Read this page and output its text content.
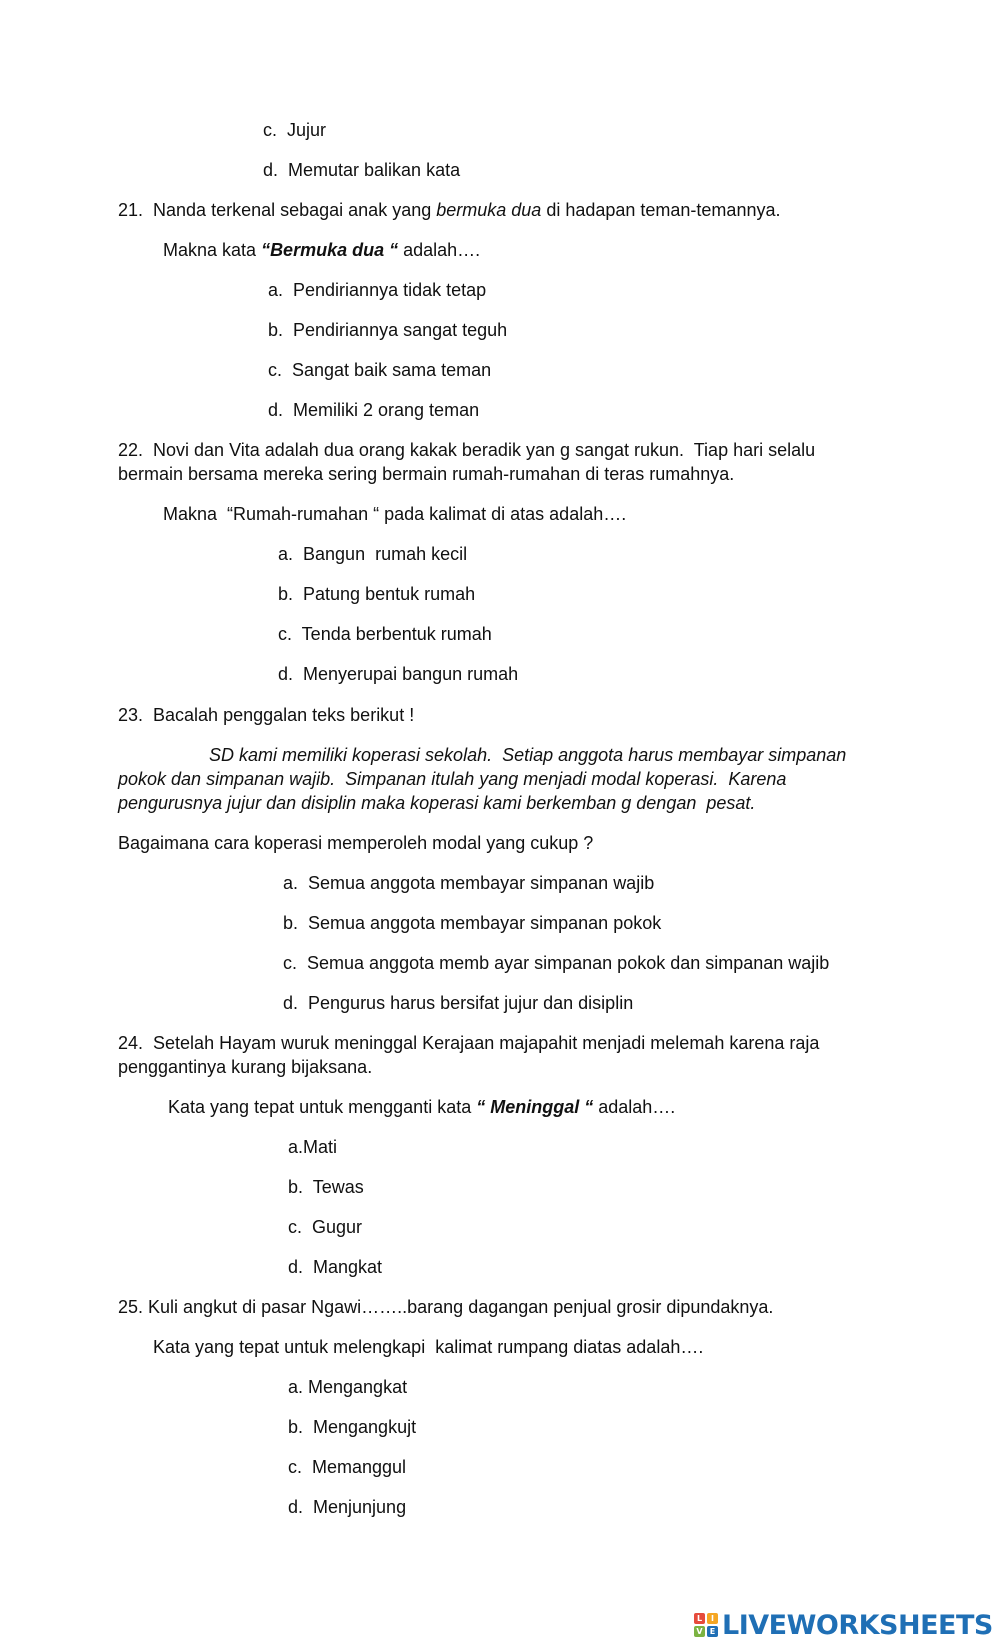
c.  Jujur
d.  Memutar balikan kata
21.  Nanda terkenal sebagai anak yang bermuka dua di hadapan teman-temannya.
Makna kata “Bermuka dua “ adalah….
a.  Pendiriannya tidak tetap
b.  Pendiriannya sangat teguh
c.  Sangat baik sama teman
d.  Memiliki 2 orang teman
22.  Novi dan Vita adalah dua orang kakak beradik yan g sangat rukun.  Tiap hari selalu
bermain bersama mereka sering bermain rumah-rumahan di teras rumahnya.
Makna  “Rumah-rumahan “ pada kalimat di atas adalah….
a.  Bangun  rumah kecil
b.  Patung bentuk rumah
c.  Tenda berbentuk rumah
d.  Menyerupai bangun rumah
23.  Bacalah penggalan teks berikut !
SD kami memiliki koperasi sekolah.  Setiap anggota harus membayar simpanan
pokok dan simpanan wajib.  Simpanan itulah yang menjadi modal koperasi.  Karena
pengurusnya jujur dan disiplin maka koperasi kami berkemban g dengan  pesat.
Bagaimana cara koperasi memperoleh modal yang cukup ?
a.  Semua anggota membayar simpanan wajib
b.  Semua anggota membayar simpanan pokok
c.  Semua anggota memb ayar simpanan pokok dan simpanan wajib
d.  Pengurus harus bersifat jujur dan disiplin
24.  Setelah Hayam wuruk meninggal Kerajaan majapahit menjadi melemah karena raja
penggantinya kurang bijaksana.
Kata yang tepat untuk mengganti kata “ Meninggal “ adalah….
a.Mati
b.  Tewas
c.  Gugur
d.  Mangkat
25. Kuli angkut di pasar Ngawi……..barang dagangan penjual grosir dipundaknya.
Kata yang tepat untuk melengkapi  kalimat rumpang diatas adalah….
a. Mengangkat
b.  Mengangkujt
c.  Memanggul
d.  Menjunjung
L	I
V E LIVEWORKSHEETS
